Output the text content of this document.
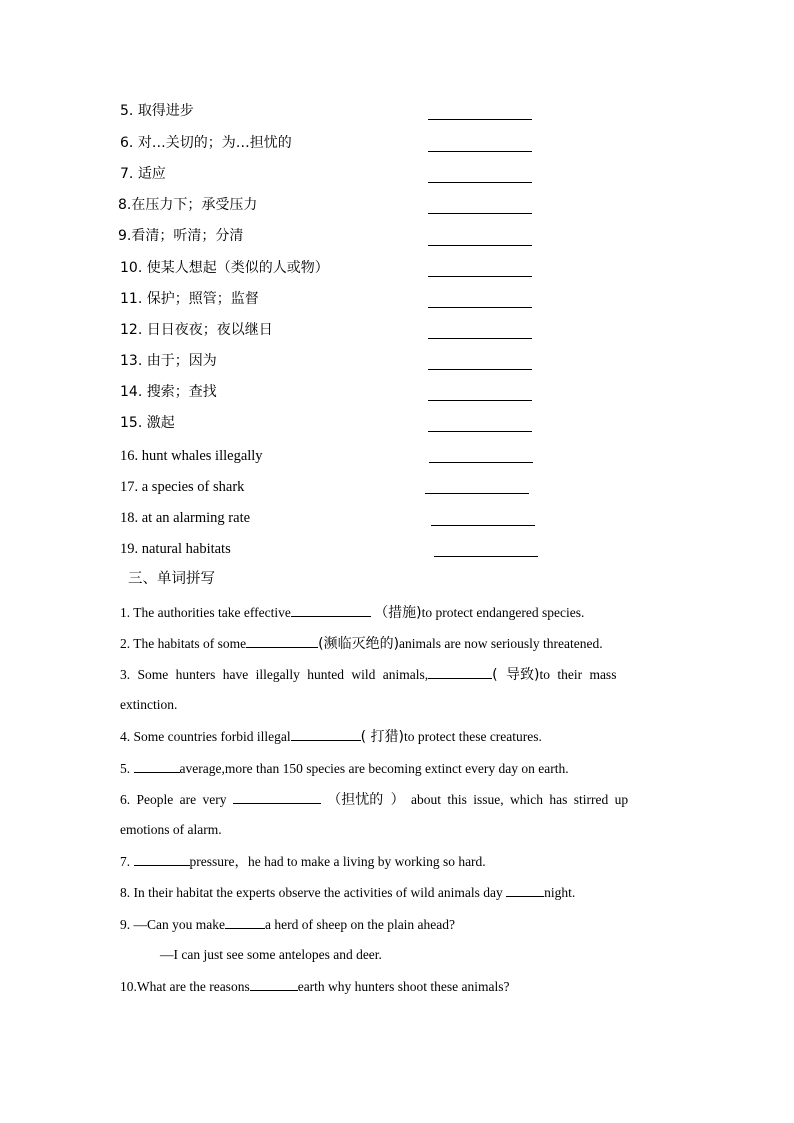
5. 取得进步
6. 对…关切的；为…担忧的
7. 适应
8.在压力下；承受压力
9.看清；听清；分清
10. 使某人想起（类似的人或物）
11. 保护；照管；监督
12. 日日夜夜；夜以继日
13. 由于；因为
14. 搜索；查找
15. 激起
16. hunt whales illegally
17. a species of shark
18. at an alarming rate
19. natural habitats
三、单词拼写
1. The authorities take effective	（措施)to protect endangered species.
2. The habitats of some	(濒临灭绝的)animals are now seriously threatened.
3. Some hunters have illegally hunted wild animals,	( 导致)to their mass
extinction.
4. Some countries forbid illegal	( 打猎)to protect these creatures.
5.	average,more than 150 species are becoming extinct every day on earth.
6. People are very	（担忧的 ） about this issue, which has stirred up
emotions of alarm.
7.	pressure，he had to make a living by working so hard.
8. In their habitat the experts observe the activities of wild animals day	night.
9. —Can you make	a herd of sheep on the plain ahead?
—I can just see some antelopes and deer.
10.What are the reasons	earth why hunters shoot these animals?
